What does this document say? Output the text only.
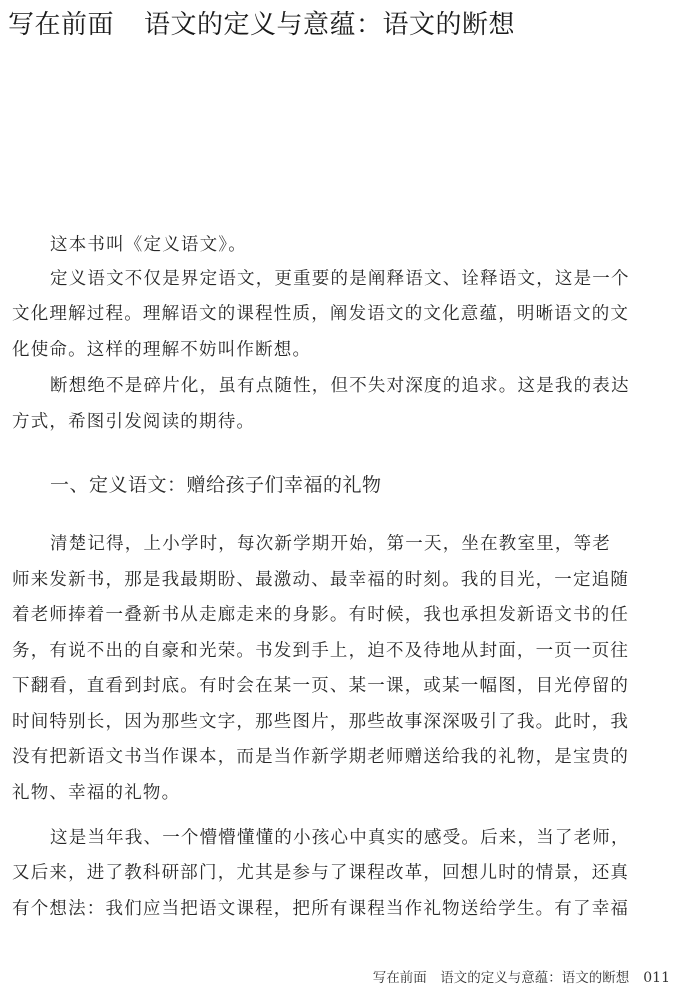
写在前面 语文的定义与意蕴：语文的断想
这本书叫《定义语文》。
定义语文不仅是界定语文，更重要的是阐释语文、诠释语文，这是一个
文化理解过程。理解语文的课程性质，阐发语文的文化意蕴，明晰语文的文
化使命。这样的理解不妨叫作断想。
断想绝不是碎片化，虽有点随性，但不失对深度的追求。这是我的表达
方式，希图引发阅读的期待。
一、定义语文：赠给孩子们幸福的礼物
清楚记得，上小学时，每次新学期开始，第一天，坐在教室里，等老
师来发新书，那是我最期盼、最激动、最幸福的时刻。我的目光，一定追随
着老师捧着一叠新书从走廊走来的身影。有时候，我也承担发新语文书的任
务，有说不出的自豪和光荣。书发到手上，迫不及待地从封面，一页一页往
下翻看，直看到封底。有时会在某一页、某一课，或某一幅图，目光停留的
时间特别长，因为那些文字，那些图片，那些故事深深吸引了我。此时，我
没有把新语文书当作课本，而是当作新学期老师赠送给我的礼物，是宝贵的
礼物、幸福的礼物。
这是当年我、一个懵懵懂懂的小孩心中真实的感受。后来，当了老师，
又后来，进了教科研部门，尤其是参与了课程改革，回想儿时的情景，还真
有个想法：我们应当把语文课程，把所有课程当作礼物送给学生。有了幸福
写在前面　语文的定义与意蕴：语文的断想 011
